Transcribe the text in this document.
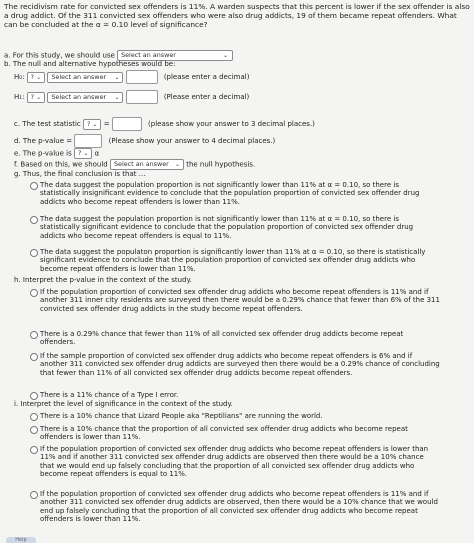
The recidivism rate for convicted sex offenders is 11%. A warden suspects that this percent is lower if the sex offender is also a drug addict. Of the 311 convicted sex offenders who were also drug addicts, 19 of them became repeat offenders. What can be concluded at the α = 0.10 level of significance?
a. For this study, we should use Select an answer	⌄
b. The null and alternative hypotheses would be:
H₀: ? ⌄ Select an answer ⌄	(please enter a decimal)
H₁: ? ⌄ Select an answer ⌄	(Please enter a decimal)
c. The test statistic ? ⌄ =	(please show your answer to 3 decimal places.)
d. The p-value =	(Please show your answer to 4 decimal places.)
e. The p-value is ? ⌄ α
f. Based on this, we should Select an answer ⌄ the null hypothesis.
g. Thus, the final conclusion is that ...
The data suggest the population proportion is not significantly lower than 11% at α = 0.10, so there is statistically insignificant evidence to conclude that the population proportion of convicted sex offender drug addicts who become repeat offenders is lower than 11%.
The data suggest the population proportion is not significantly lower than 11% at α = 0.10, so there is statistically significant evidence to conclude that the population proportion of convicted sex offender drug addicts who become repeat offenders is equal to 11%.
The data suggest the populaton proportion is significantly lower than 11% at α = 0.10, so there is statistically significant evidence to conclude that the population proportion of convicted sex offender drug addicts who become repeat offenders is lower than 11%.
h. Interpret the p-value in the context of the study.
If the population proportion of convicted sex offender drug addicts who become repeat offenders is 11% and if another 311 inner city residents are surveyed then there would be a 0.29% chance that fewer than 6% of the 311 convicted sex offender drug addicts in the study become repeat offenders.
There is a 0.29% chance that fewer than 11% of all convicted sex offender drug addicts become repeat offenders.
If the sample proportion of convicted sex offender drug addicts who become repeat offenders is 6% and if another 311 convicted sex offender drug addicts are surveyed then there would be a 0.29% chance of concluding that fewer than 11% of all convicted sex offender drug addicts become repeat offenders.
There is a 11% chance of a Type I error.
i. Interpret the level of significance in the context of the study.
There is a 10% chance that Lizard People aka "Reptilians" are running the world.
There is a 10% chance that the proportion of all convicted sex offender drug addicts who become repeat offenders is lower than 11%.
If the population proportion of convicted sex offender drug addicts who become repeat offenders is lower than 11% and if another 311 convicted sex offender drug addicts are observed then there would be a 10% chance that we would end up falsely concluding that the proportion of all convicted sex offender drug addicts who become repeat offenders is equal to 11%.
If the population proportion of convicted sex offender drug addicts who become repeat offenders is 11% and if another 311 convicted sex offender drug addicts are observed, then there would be a 10% chance that we would end up falsely concluding that the proportion of all convicted sex offender drug addicts who become repeat offenders is lower than 11%.
Help
